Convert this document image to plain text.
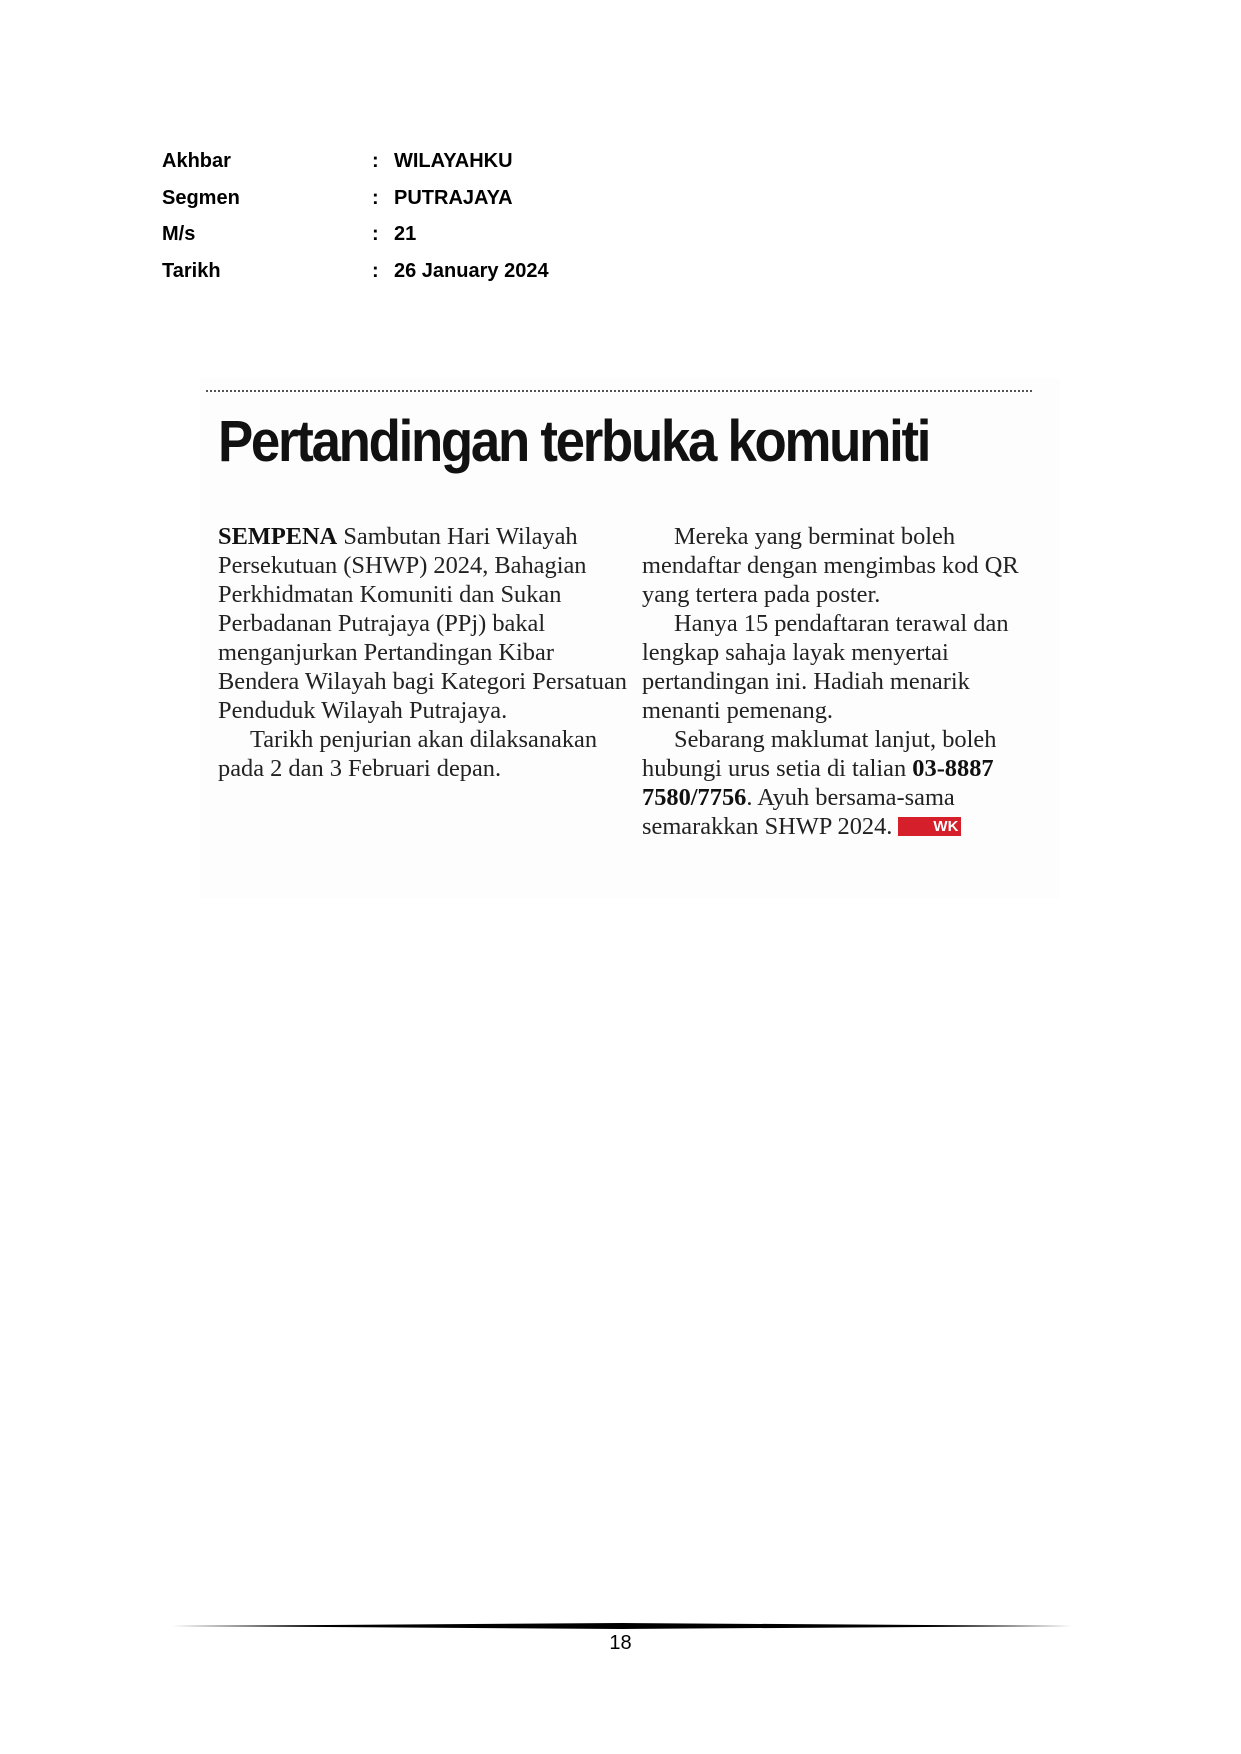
Akhbar	: WILAYAHKU
Segmen	: PUTRAJAYA
M/s	: 21
Tarikh	: 26 January 2024
Pertandingan terbuka komuniti

SEMPENA Sambutan Hari Wilayah Persekutuan (SHWP) 2024, Bahagian Perkhidmatan Komuniti dan Sukan Perbadanan Putrajaya (PPj) bakal menganjurkan Pertandingan Kibar Bendera Wilayah bagi Kategori Persatuan Penduduk Wilayah Putrajaya.

Tarikh penjurian akan dilaksanakan pada 2 dan 3 Februari depan.

Mereka yang berminat boleh mendaftar dengan mengimbas kod QR yang tertera pada poster.

Hanya 15 pendaftaran terawal dan lengkap sahaja layak menyertai pertandingan ini. Hadiah menarik menanti pemenang.

Sebarang maklumat lanjut, boleh hubungi urus setia di talian 03-8887 7580/7756. Ayuh bersama-sama semarakkan SHWP 2024.	WK

18
